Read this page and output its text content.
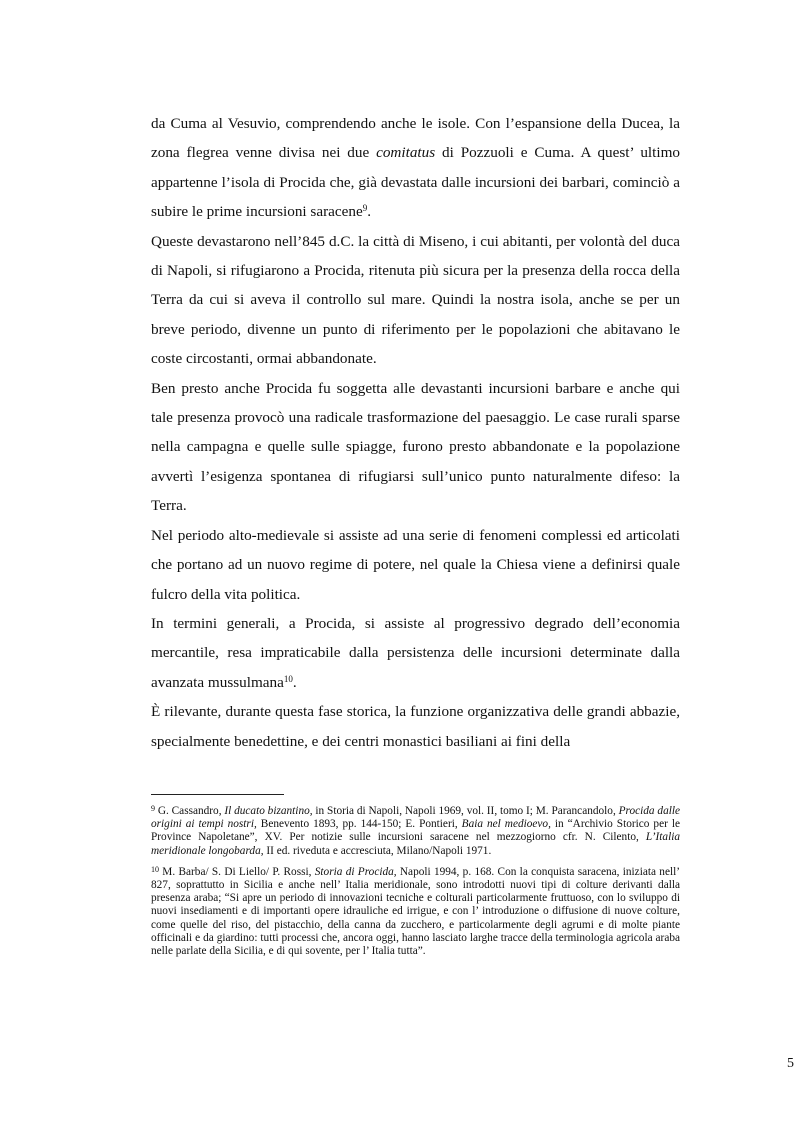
da Cuma al Vesuvio, comprendendo anche le isole. Con l’espansione della Ducea, la zona flegrea venne divisa nei due comitatus di Pozzuoli e Cuma. A quest’ ultimo appartenne l’isola di Procida che, già devastata dalle incursioni dei barbari, cominciò a subire le prime incursioni saracene$^9$.

Queste devastarono nell’845 d.C. la città di Miseno, i cui abitanti, per volontà del duca di Napoli, si rifugiarono a Procida, ritenuta più sicura per la presenza della rocca della Terra da cui si aveva il controllo sul mare. Quindi la nostra isola, anche se per un breve periodo, divenne un punto di riferimento per le popolazioni che abitavano le coste circostanti, ormai abbandonate.

Ben presto anche Procida fu soggetta alle devastanti incursioni barbare e anche qui tale presenza provocò una radicale trasformazione del paesaggio. Le case rurali sparse nella campagna e quelle sulle spiagge, furono presto abbandonate e la popolazione avvertì l’esigenza spontanea di rifugiarsi sull’unico punto naturalmente difeso: la Terra.

Nel periodo alto-medievale si assiste ad una serie di fenomeni complessi ed articolati che portano ad un nuovo regime di potere, nel quale la Chiesa viene a definirsi quale fulcro della vita politica.

In termini generali, a Procida, si assiste al progressivo degrado dell’economia mercantile, resa impraticabile dalla persistenza delle incursioni determinate dalla avanzata mussulmana$^{10}$.

È rilevante, durante questa fase storica, la funzione organizzativa delle grandi abbazie, specialmente benedettine, e dei centri monastici basiliani ai fini della

$^9$ G. Cassandro, Il ducato bizantino, in Storia di Napoli, Napoli 1969, vol. II, tomo I; M. Parancandolo, Procida dalle origini ai tempi nostri, Benevento 1893, pp. 144-150; E. Pontieri, Baia nel medioevo, in “Archivio Storico per le Province Napoletane”, XV. Per notizie sulle incursioni saracene nel mezzogiorno cfr. N. Cilento, L’Italia meridionale longobarda, II ed. riveduta e accresciuta, Milano/Napoli 1971.

$^{10}$ M. Barba/ S. Di Liello/ P. Rossi, Storia di Procida, Napoli 1994, p. 168. Con la conquista saracena, iniziata nell’ 827, soprattutto in Sicilia e anche nell’ Italia meridionale, sono introdotti nuovi tipi di colture derivanti dalla presenza araba; “Si apre un periodo di innovazioni tecniche e colturali particolarmente fruttuoso, con lo sviluppo di nuovi insediamenti e di importanti opere idrauliche ed irrigue, e con l’ introduzione o diffusione di nuove colture, come quelle del riso, del pistacchio, della canna da zucchero, e particolarmente degli agrumi e di molte piante officinali e da giardino: tutti processi che, ancora oggi, hanno lasciato larghe tracce della terminologia agricola araba nelle parlate della Sicilia, e di qui sovente, per l’ Italia tutta”.

5
